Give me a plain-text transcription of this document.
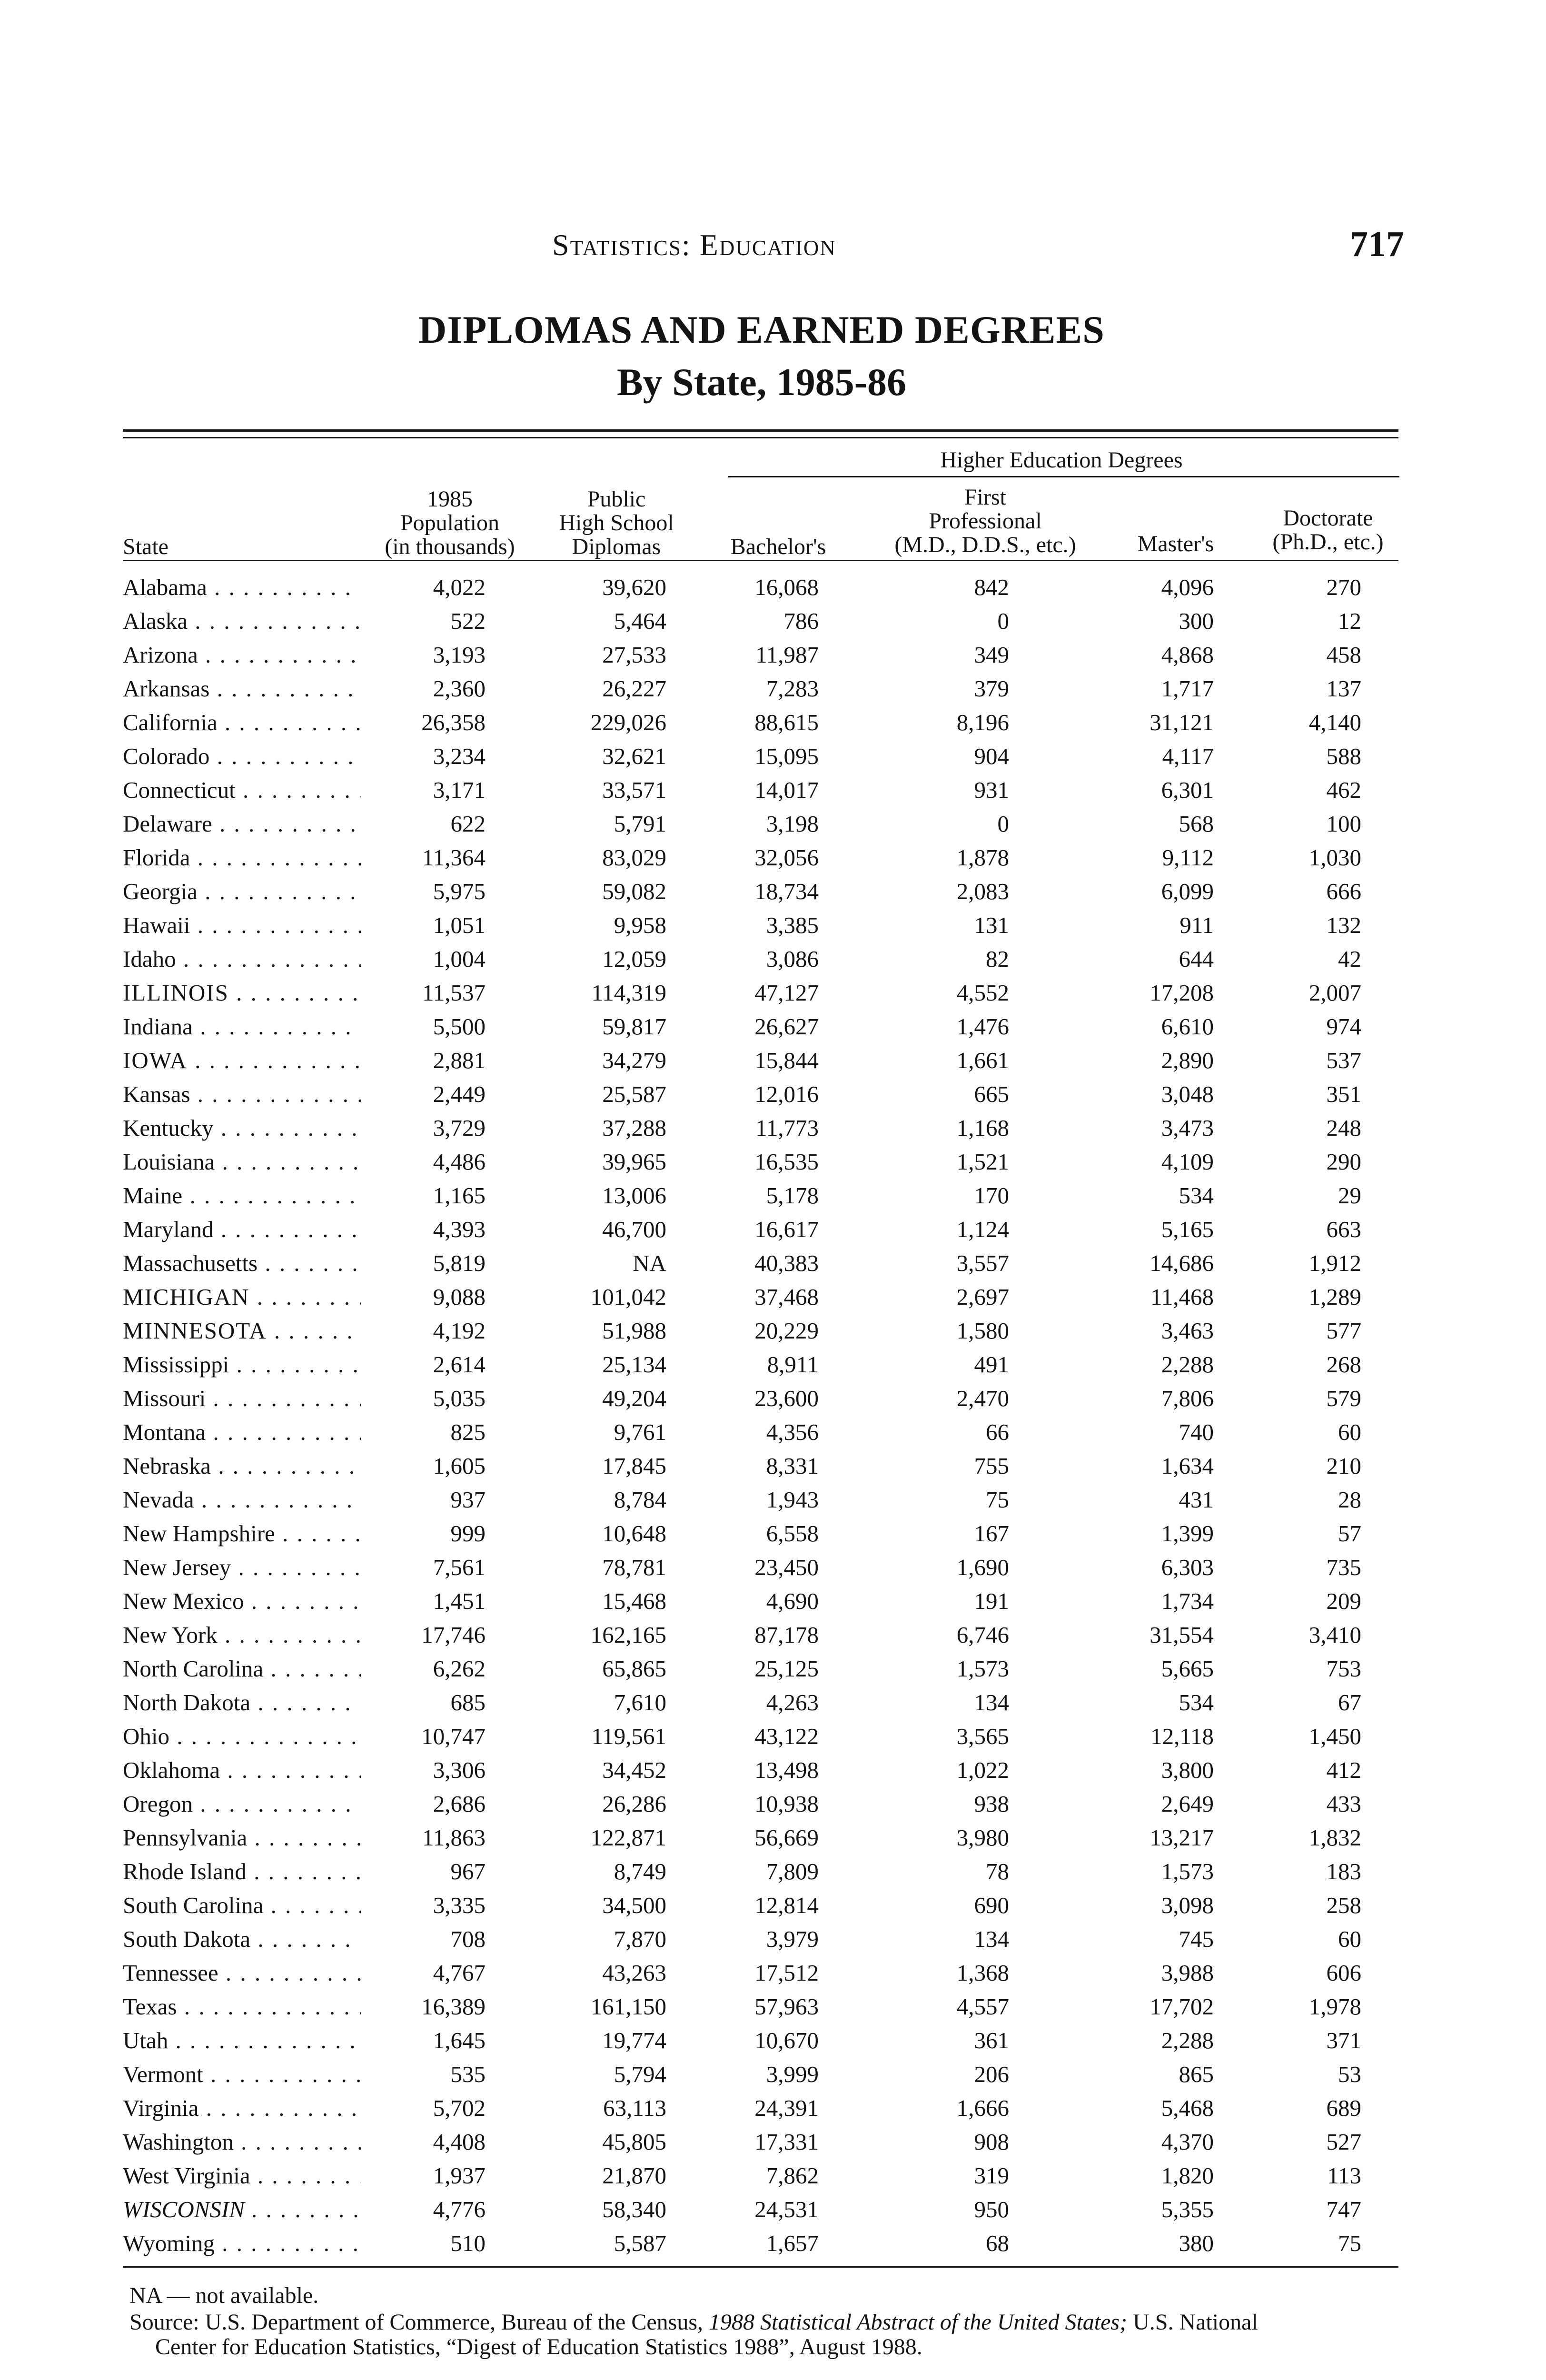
Statistics: Education	717
DIPLOMAS AND EARNED DEGREES
By State, 1985-86
Higher Education Degrees
State
1985
Population
(in thousands)
Public
High School
Diplomas	Bachelor's
First
Professional
(M.D., D.D.S., etc.)	Master's
Doctorate
(Ph.D., etc.)
Alabama . . .	4,022	39,620	16,068	842	4,096	270
Alaska . . .	522	5,464	786	0	300	12
Arizona . . .	3,193	27,533	11,987	349	4,868	458
Arkansas . . .	2,360	26,227	7,283	379	1,717	137
California . . .	26,358	229,026	88,615	8,196	31,121	4,140
Colorado . . .	3,234	32,621	15,095	904	4,117	588
Connecticut . . .	3,171	33,571	14,017	931	6,301	462
Delaware . . .	622	5,791	3,198	0	568	100
Florida . . .	11,364	83,029	32,056	1,878	9,112	1,030
Georgia . . .	5,975	59,082	18,734	2,083	6,099	666
Hawaii . . .	1,051	9,958	3,385	131	911	132
Idaho . . .	1,004	12,059	3,086	82	644	42
ILLINOIS . . .	11,537	114,319	47,127	4,552	17,208	2,007
Indiana . . .	5,500	59,817	26,627	1,476	6,610	974
IOWA . . .	2,881	34,279	15,844	1,661	2,890	537
Kansas . . .	2,449	25,587	12,016	665	3,048	351
Kentucky . . .	3,729	37,288	11,773	1,168	3,473	248
Louisiana . . .	4,486	39,965	16,535	1,521	4,109	290
Maine . . .	1,165	13,006	5,178	170	534	29
Maryland . . .	4,393	46,700	16,617	1,124	5,165	663
Massachusetts . . .	5,819	NA	40,383	3,557	14,686	1,912
MICHIGAN . . .	9,088	101,042	37,468	2,697	11,468	1,289
MINNESOTA . . .	4,192	51,988	20,229	1,580	3,463	577
Mississippi . . .	2,614	25,134	8,911	491	2,288	268
Missouri . . .	5,035	49,204	23,600	2,470	7,806	579
Montana . . .	825	9,761	4,356	66	740	60
Nebraska . . .	1,605	17,845	8,331	755	1,634	210
Nevada . . .	937	8,784	1,943	75	431	28
New Hampshire . . .	999	10,648	6,558	167	1,399	57
New Jersey . . .	7,561	78,781	23,450	1,690	6,303	735
New Mexico . . .	1,451	15,468	4,690	191	1,734	209
New York . . .	17,746	162,165	87,178	6,746	31,554	3,410
North Carolina . . .	6,262	65,865	25,125	1,573	5,665	753
North Dakota . . .	685	7,610	4,263	134	534	67
Ohio . . .	10,747	119,561	43,122	3,565	12,118	1,450
Oklahoma . . .	3,306	34,452	13,498	1,022	3,800	412
Oregon . . .	2,686	26,286	10,938	938	2,649	433
Pennsylvania . . .	11,863	122,871	56,669	3,980	13,217	1,832
Rhode Island . . .	967	8,749	7,809	78	1,573	183
South Carolina . . .	3,335	34,500	12,814	690	3,098	258
South Dakota . . .	708	7,870	3,979	134	745	60
Tennessee . . .	4,767	43,263	17,512	1,368	3,988	606
Texas . . .	16,389	161,150	57,963	4,557	17,702	1,978
Utah . . .	1,645	19,774	10,670	361	2,288	371
Vermont . . .	535	5,794	3,999	206	865	53
Virginia . . .	5,702	63,113	24,391	1,666	5,468	689
Washington . . .	4,408	45,805	17,331	908	4,370	527
West Virginia . . .	1,937	21,870	7,862	319	1,820	113
WISCONSIN . . .	4,776	58,340	24,531	950	5,355	747
Wyoming . . .	510	5,587	1,657	68	380	75
NA — not available.
Source: U.S. Department of Commerce, Bureau of the Census, 1988 Statistical Abstract of the United States; U.S. National
Center for Education Statistics, “Digest of Education Statistics 1988”, August 1988.
